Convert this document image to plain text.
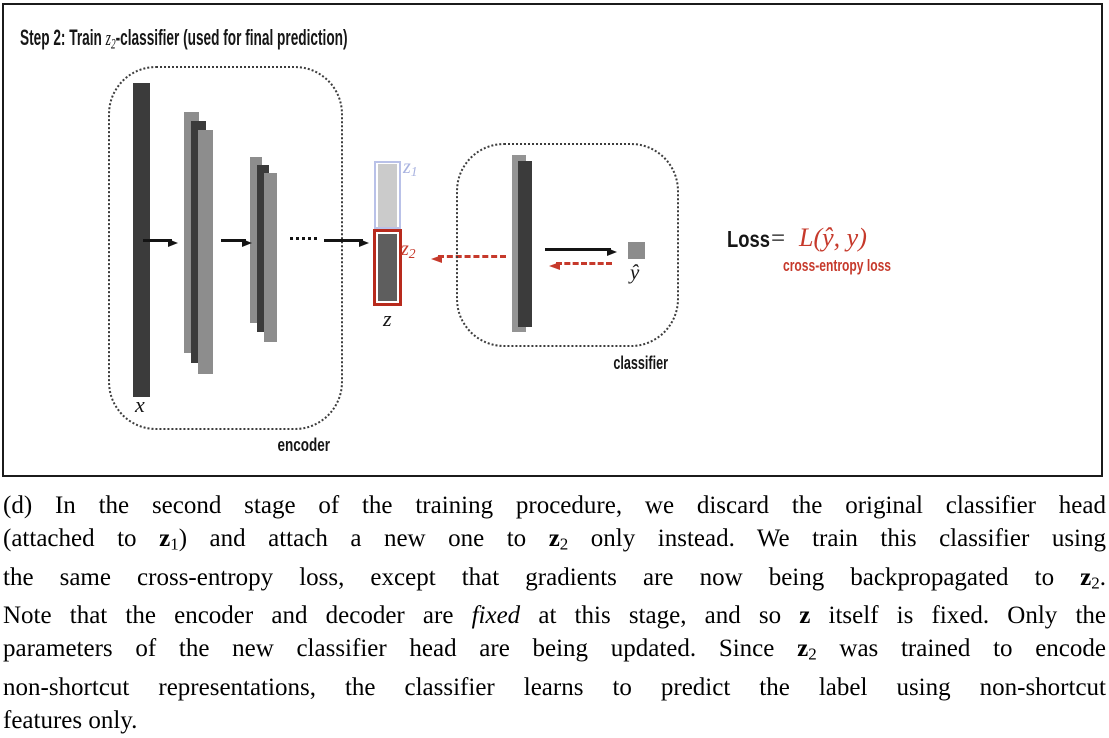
Step 2: Train $z_2$-classifier (used for final prediction)
encoder
x
$z_1$
$z_2$
z
classifier
ŷ
Loss = L(ŷ, y)
cross-entropy loss
(d) In the second stage of the training procedure, we discard the original classifier head
(attached to $z_1$) and attach a new one to $z_2$ only instead. We train this classifier using
the same cross-entropy loss, except that gradients are now being backpropagated to $z_2$.
Note that the encoder and decoder are fixed at this stage, and so z itself is fixed. Only the
parameters of the new classifier head are being updated. Since $z_2$ was trained to encode
non-shortcut representations, the classifier learns to predict the label using non-shortcut
features only.
